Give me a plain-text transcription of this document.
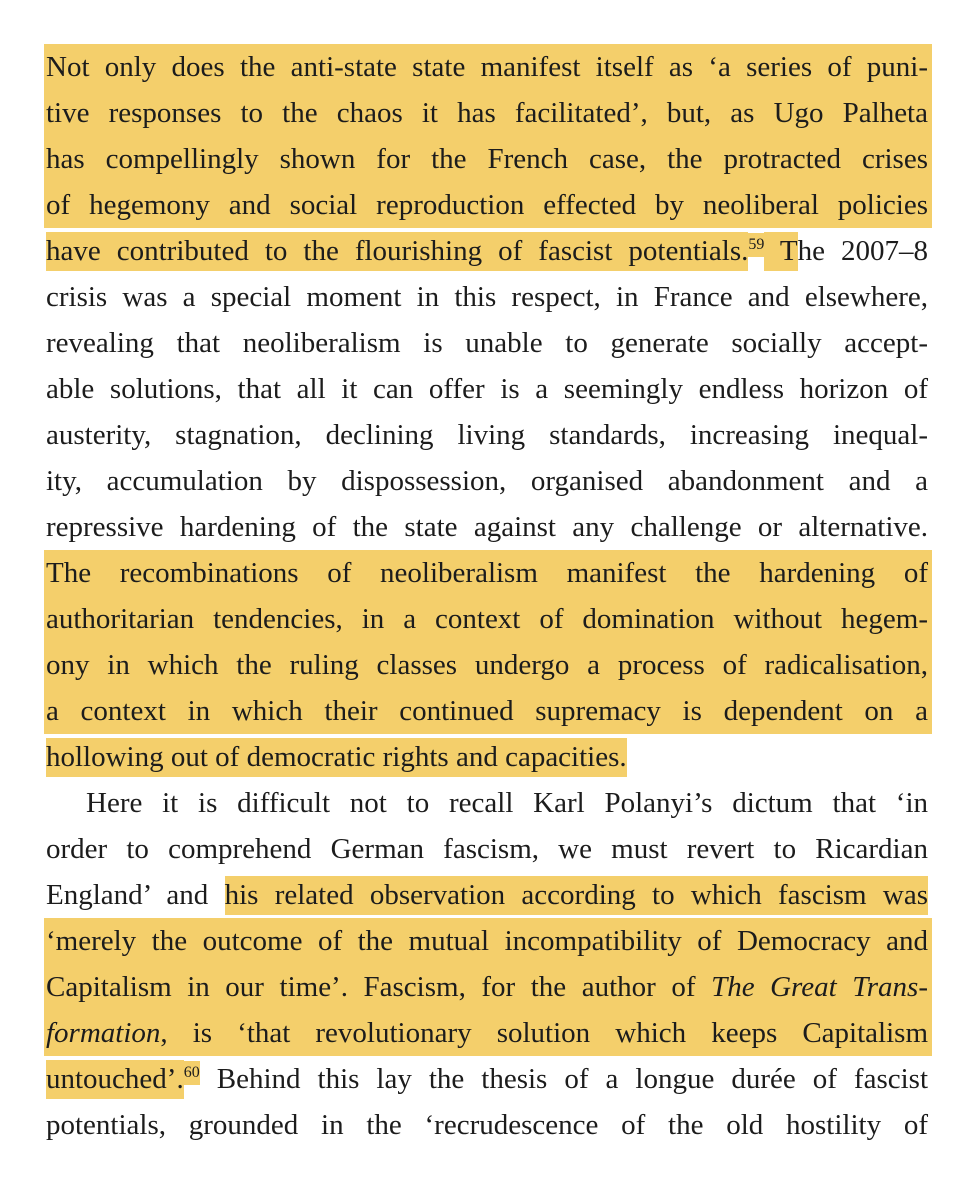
Not only does the anti-state state manifest itself as ‘a series of puni-
tive responses to the chaos it has facilitated’, but, as Ugo Palheta
has compellingly shown for the French case, the protracted crises
of hegemony and social reproduction effected by neoliberal policies
have contributed to the flourishing of fascist potentials.$^{59}$ The 2007–8
crisis was a special moment in this respect, in France and elsewhere,
revealing that neoliberalism is unable to generate socially accept-
able solutions, that all it can offer is a seemingly endless horizon of
austerity, stagnation, declining living standards, increasing inequal-
ity, accumulation by dispossession, organised abandonment and a
repressive hardening of the state against any challenge or alternative.
The recombinations of neoliberalism manifest the hardening of
authoritarian tendencies, in a context of domination without hegem-
ony in which the ruling classes undergo a process of radicalisation,
a context in which their continued supremacy is dependent on a
hollowing out of democratic rights and capacities.
Here it is difficult not to recall Karl Polanyi’s dictum that ‘in
order to comprehend German fascism, we must revert to Ricardian
England’ and his related observation according to which fascism was
‘merely the outcome of the mutual incompatibility of Democracy and
Capitalism in our time’. Fascism, for the author of The Great Trans-
formation, is ‘that revolutionary solution which keeps Capitalism
untouched’.$^{60}$ Behind this lay the thesis of a longue durée of fascist
potentials, grounded in the ‘recrudescence of the old hostility of
